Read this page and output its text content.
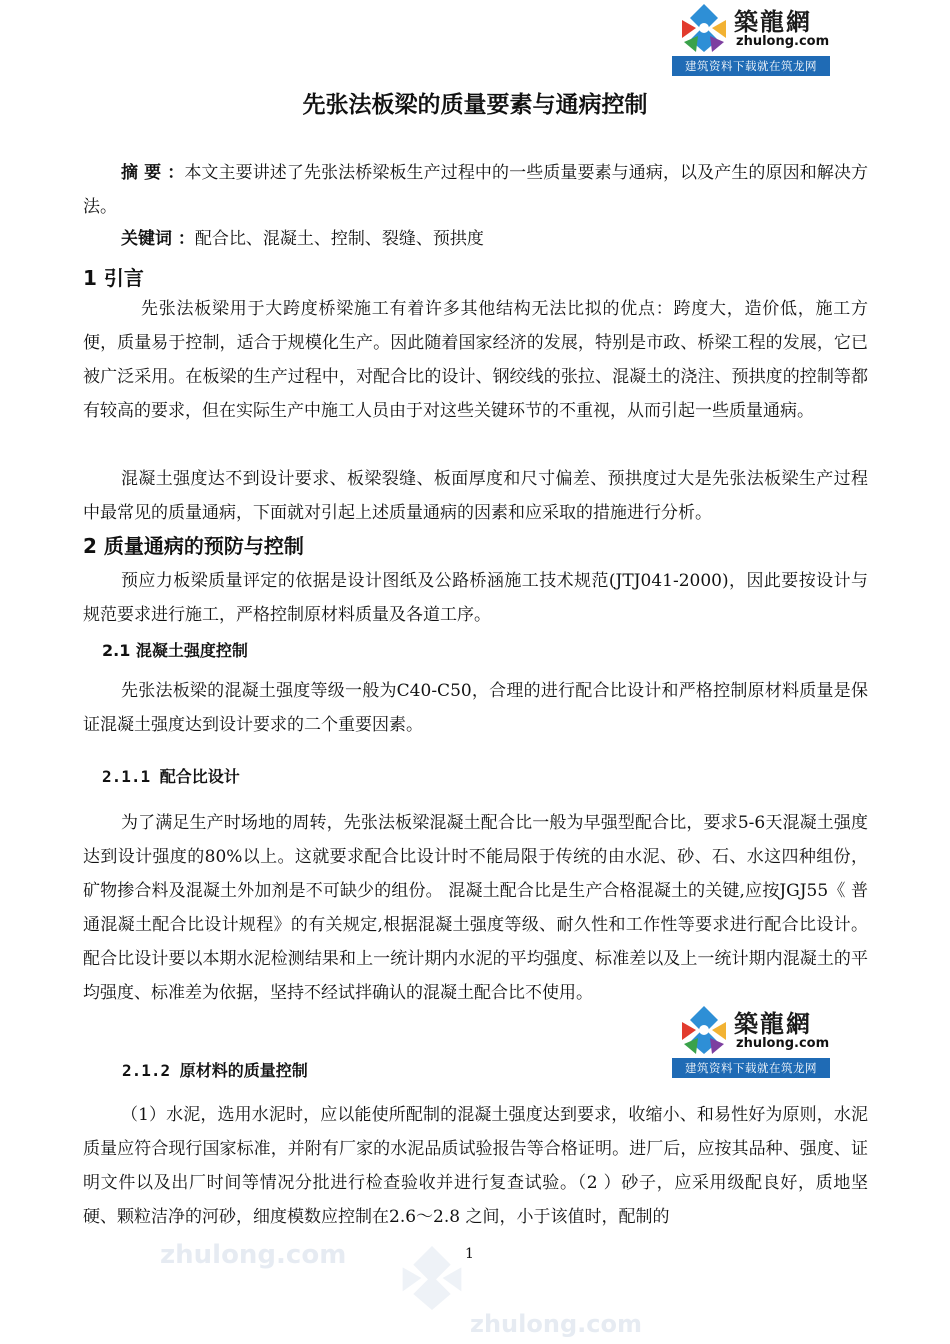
築龍網
zhulong.com
建筑资料下载就在筑龙网
先张法板梁的质量要素与通病控制
摘 要 ：本文主要讲述了先张法桥梁板生产过程中的一些质量要素与通病，以及产生的原因和解决方法。
关键词 ：配合比、混凝土、控制、裂缝、预拱度
1 引言
先张法板梁用于大跨度桥梁施工有着许多其他结构无法比拟的优点：跨度大，造价低，施工方便，质量易于控制，适合于规模化生产。因此随着国家经济的发展，特别是市政、桥梁工程的发展，它已被广泛采用。在板梁的生产过程中，对配合比的设计、钢绞线的张拉、混凝土的浇注、预拱度的控制等都有较高的要求，但在实际生产中施工人员由于对这些关键环节的不重视，从而引起一些质量通病。
混凝土强度达不到设计要求、板梁裂缝、板面厚度和尺寸偏差、预拱度过大是先张法板梁生产过程中最常见的质量通病，下面就对引起上述质量通病的因素和应采取的措施进行分析。
2 质量通病的预防与控制
预应力板梁质量评定的依据是设计图纸及公路桥涵施工技术规范(JTJ041-2000)，因此要按设计与规范要求进行施工，严格控制原材料质量及各道工序。
2.1 混凝土强度控制
先张法板梁的混凝土强度等级一般为C40-C50，合理的进行配合比设计和严格控制原材料质量是保证混凝土强度达到设计要求的二个重要因素。
2.1.1 配合比设计
为了满足生产时场地的周转，先张法板梁混凝土配合比一般为早强型配合比，要求5-6天混凝土强度达到设计强度的80%以上。这就要求配合比设计时不能局限于传统的由水泥、砂、石、水这四种组份，矿物掺合料及混凝土外加剂是不可缺少的组份。 混凝土配合比是生产合格混凝土的关键,应按JGJ55《 普通混凝土配合比设计规程》的有关规定,根据混凝土强度等级、耐久性和工作性等要求进行配合比设计。配合比设计要以本期水泥检测结果和上一统计期内水泥的平均强度、标准差以及上一统计期内混凝土的平均强度、标准差为依据，坚持不经试拌确认的混凝土配合比不使用。
築龍網
zhulong.com
建筑资料下载就在筑龙网
2.1.2 原材料的质量控制
（1）水泥，选用水泥时，应以能使所配制的混凝土强度达到要求，收缩小、和易性好为原则，水泥质量应符合现行国家标准，并附有厂家的水泥品质试验报告等合格证明。进厂后，应按其品种、强度、证明文件以及出厂时间等情况分批进行检查验收并进行复查试验。（2 ）砂子，应采用级配良好，质地坚硬、颗粒洁净的河砂，细度模数应控制在2.6～2.8 之间，小于该值时，配制的
1
zhulong.com
zhulong.com
